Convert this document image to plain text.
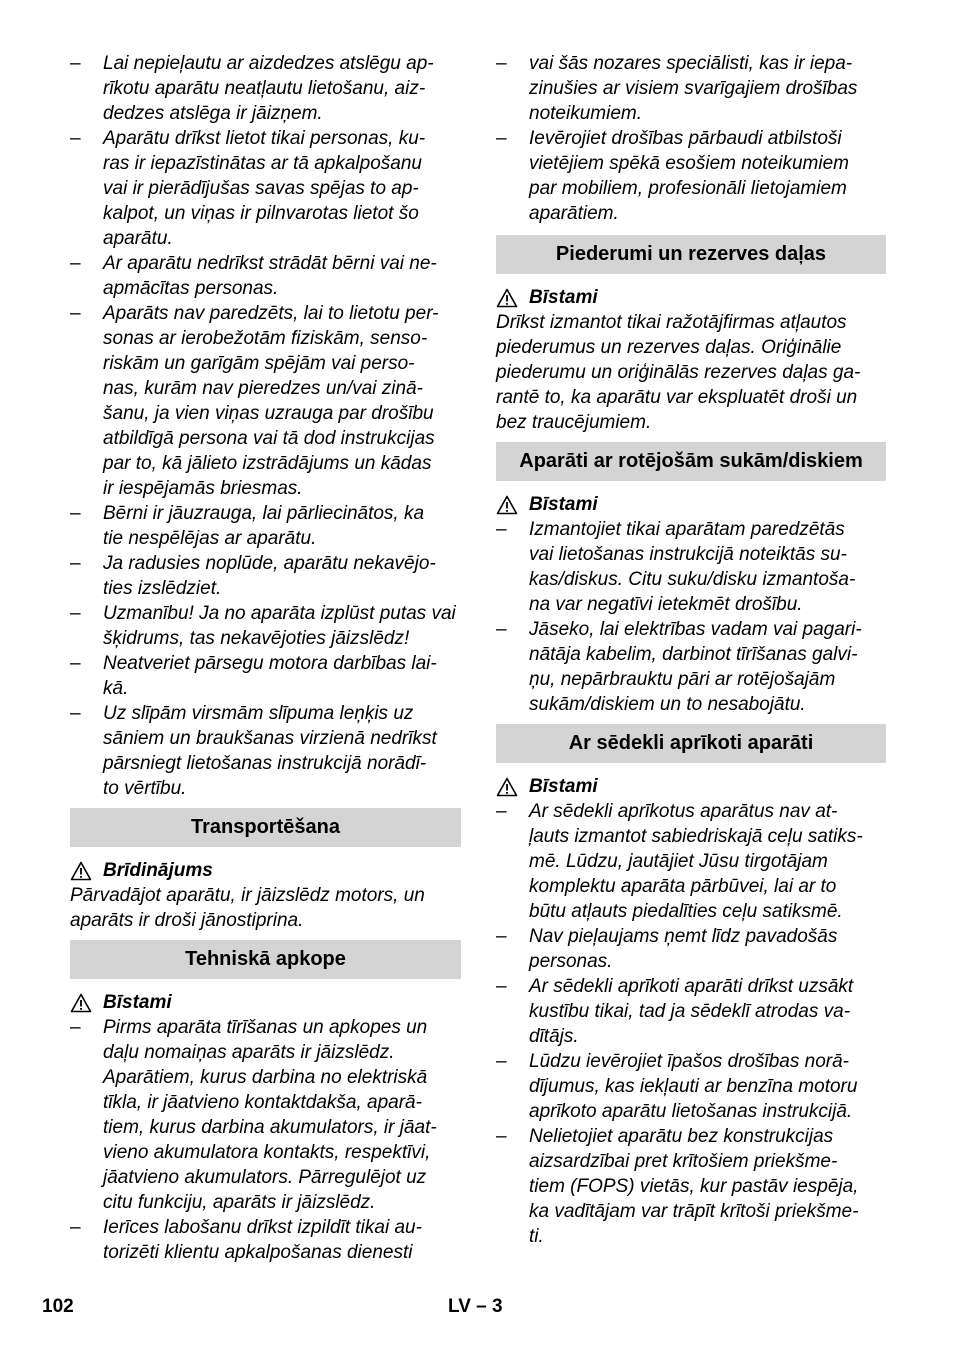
– Lai nepieļautu ar aizdedzes atslēgu ap-
rīkotu aparātu neatļautu lietošanu, aiz-
dedzes atslēga ir jāizņem.

– Aparātu drīkst lietot tikai personas, ku-
ras ir iepazīstinātas ar tā apkalpošanu
vai ir pierādījušas savas spējas to ap-
kalpot, un viņas ir pilnvarotas lietot šo
aparātu.

– Ar aparātu nedrīkst strādāt bērni vai ne-
apmācītas personas.

– Aparāts nav paredzēts, lai to lietotu per-
sonas ar ierobežotām fiziskām, senso-
riskām un garīgām spējām vai perso-
nas, kurām nav pieredzes un/vai zinā-
šanu, ja vien viņas uzrauga par drošību
atbildīgā persona vai tā dod instrukcijas
par to, kā jālieto izstrādājums un kādas
ir iespējamās briesmas.

– Bērni ir jāuzrauga, lai pārliecinātos, ka
tie nespēlējas ar aparātu.

– Ja radusies noplūde, aparātu nekavējo-
ties izslēdziet.

– Uzmanību! Ja no aparāta izplūst putas vai
šķidrums, tas nekavējoties jāizslēdz!

– Neatveriet pārsegu motora darbības lai-
kā.

– Uz slīpām virsmām slīpuma leņķis uz
sāniem un braukšanas virzienā nedrīkst
pārsniegt lietošanas instrukcijā norādī-
to vērtību.

Transportēšana
Brīdinājums

Pārvadājot aparātu, ir jāizslēdz motors, un
aparāts ir droši jānostiprina.

Tehniskā apkope
Bīstami

– Pirms aparāta tīrīšanas un apkopes un
daļu nomaiņas aparāts ir jāizslēdz.
Aparātiem, kurus darbina no elektriskā
tīkla, ir jāatvieno kontaktdakša, aparā-
tiem, kurus darbina akumulators, ir jāat-
vieno akumulatora kontakts, respektīvi,
jāatvieno akumulators. Pārregulējot uz
citu funkciju, aparāts ir jāizslēdz.

– Ierīces labošanu drīkst izpildīt tikai au-
torizēti klientu apkalpošanas dienesti

– vai šās nozares speciālisti, kas ir iepa-
zinušies ar visiem svarīgajiem drošības
noteikumiem.

– Ievērojiet drošības pārbaudi atbilstoši
vietējiem spēkā esošiem noteikumiem
par mobiliem, profesionāli lietojamiem
aparātiem.

Piederumi un rezerves daļas
Bīstami

Drīkst izmantot tikai ražotājfirmas atļautos
piederumus un rezerves daļas. Oriģinālie
piederumu un oriģinālās rezerves daļas ga-
rantē to, ka aparātu var ekspluatēt droši un
bez traucējumiem.

Aparāti ar rotējošām sukām/diskiem
Bīstami

– Izmantojiet tikai aparātam paredzētās
vai lietošanas instrukcijā noteiktās su-
kas/diskus. Citu suku/disku izmantoša-
na var negatīvi ietekmēt drošību.

– Jāseko, lai elektrības vadam vai pagari-
nātāja kabelim, darbinot tīrīšanas galvi-
ņu, nepārbrauktu pāri ar rotējošajām
sukām/diskiem un to nesabojātu.

Ar sēdekli aprīkoti aparāti
Bīstami

– Ar sēdekli aprīkotus aparātus nav at-
ļauts izmantot sabiedriskajā ceļu satiks-
mē. Lūdzu, jautājiet Jūsu tirgotājam
komplektu aparāta pārbūvei, lai ar to
būtu atļauts piedalīties ceļu satiksmē.

– Nav pieļaujams ņemt līdz pavadošās
personas.

– Ar sēdekli aprīkoti aparāti drīkst uzsākt
kustību tikai, tad ja sēdeklī atrodas va-
dītājs.

– Lūdzu ievērojiet īpašos drošības norā-
dījumus, kas iekļauti ar benzīna motoru
aprīkoto aparātu lietošanas instrukcijā.

– Nelietojiet aparātu bez konstrukcijas
aizsardzībai pret krītošiem priekšme-
tiem (FOPS) vietās, kur pastāv iespēja,
ka vadītājam var trāpīt krītoši priekšme-
ti.

102	LV – 3
